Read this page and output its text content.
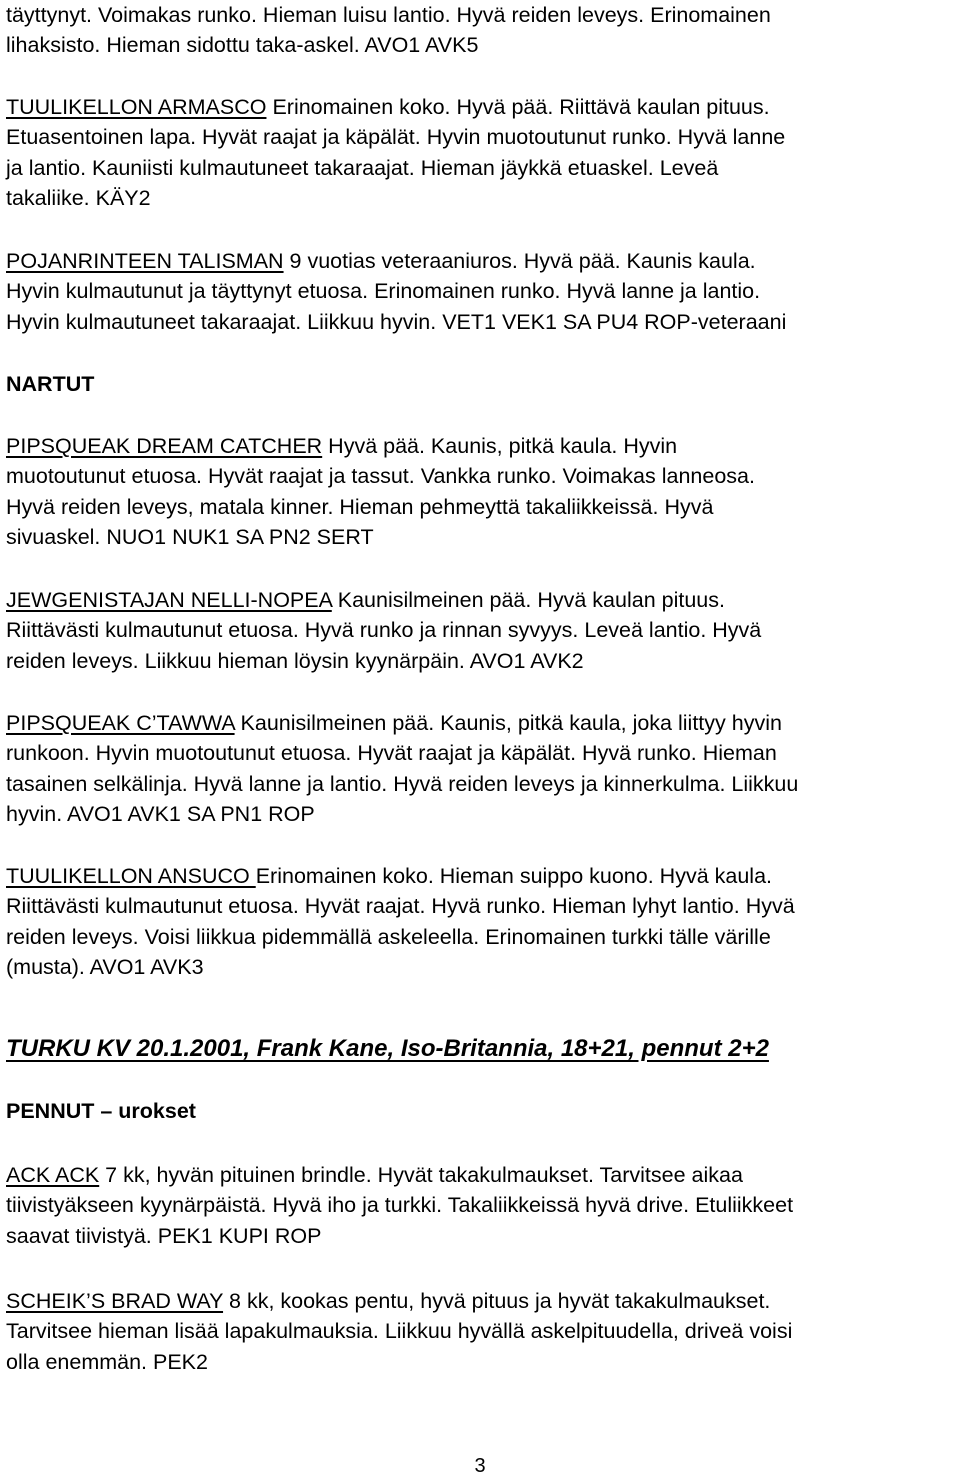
täyttynyt. Voimakas runko. Hieman luisu lantio. Hyvä reiden leveys. Erinomainen
lihaksisto. Hieman sidottu taka-askel. AVO1 AVK5
TUULIKELLON ARMASCO Erinomainen koko. Hyvä pää. Riittävä kaulan pituus.
Etuasentoinen lapa. Hyvät raajat ja käpälät. Hyvin muotoutunut runko. Hyvä lanne
ja lantio. Kauniisti kulmautuneet takaraajat. Hieman jäykkä etuaskel. Leveä
takaliike. KÄY2
POJANRINTEEN TALISMAN 9 vuotias veteraaniuros. Hyvä pää. Kaunis kaula.
Hyvin kulmautunut ja täyttynyt etuosa. Erinomainen runko. Hyvä lanne ja lantio.
Hyvin kulmautuneet takaraajat. Liikkuu hyvin. VET1 VEK1 SA PU4 ROP-veteraani
NARTUT
PIPSQUEAK DREAM CATCHER Hyvä pää. Kaunis, pitkä kaula. Hyvin
muotoutunut etuosa. Hyvät raajat ja tassut. Vankka runko. Voimakas lanneosa.
Hyvä reiden leveys, matala kinner. Hieman pehmeyttä takaliikkeissä. Hyvä
sivuaskel. NUO1 NUK1 SA PN2 SERT
JEWGENISTAJAN NELLI-NOPEA Kaunisilmeinen pää. Hyvä kaulan pituus.
Riittävästi kulmautunut etuosa. Hyvä runko ja rinnan syvyys. Leveä lantio. Hyvä
reiden leveys. Liikkuu hieman löysin kyynärpäin. AVO1 AVK2
PIPSQUEAK C’TAWWA Kaunisilmeinen pää. Kaunis, pitkä kaula, joka liittyy hyvin
runkoon. Hyvin muotoutunut etuosa. Hyvät raajat ja käpälät. Hyvä runko. Hieman
tasainen selkälinja. Hyvä lanne ja lantio. Hyvä reiden leveys ja kinnerkulma. Liikkuu
hyvin. AVO1 AVK1 SA PN1 ROP
TUULIKELLON ANSUCO Erinomainen koko. Hieman suippo kuono. Hyvä kaula.
Riittävästi kulmautunut etuosa. Hyvät raajat. Hyvä runko. Hieman lyhyt lantio. Hyvä
reiden leveys. Voisi liikkua pidemmällä askeleella. Erinomainen turkki tälle värille
(musta). AVO1 AVK3
TURKU KV 20.1.2001, Frank Kane, Iso-Britannia, 18+21, pennut 2+2
PENNUT – urokset
ACK ACK 7 kk, hyvän pituinen brindle. Hyvät takakulmaukset. Tarvitsee aikaa
tiivistyäkseen kyynärpäistä. Hyvä iho ja turkki. Takaliikkeissä hyvä drive. Etuliikkeet
saavat tiivistyä. PEK1 KUPI ROP
SCHEIK’S BRAD WAY 8 kk, kookas pentu, hyvä pituus ja hyvät takakulmaukset.
Tarvitsee hieman lisää lapakulmauksia. Liikkuu hyvällä askelpituudella, driveä voisi
olla enemmän. PEK2
3
